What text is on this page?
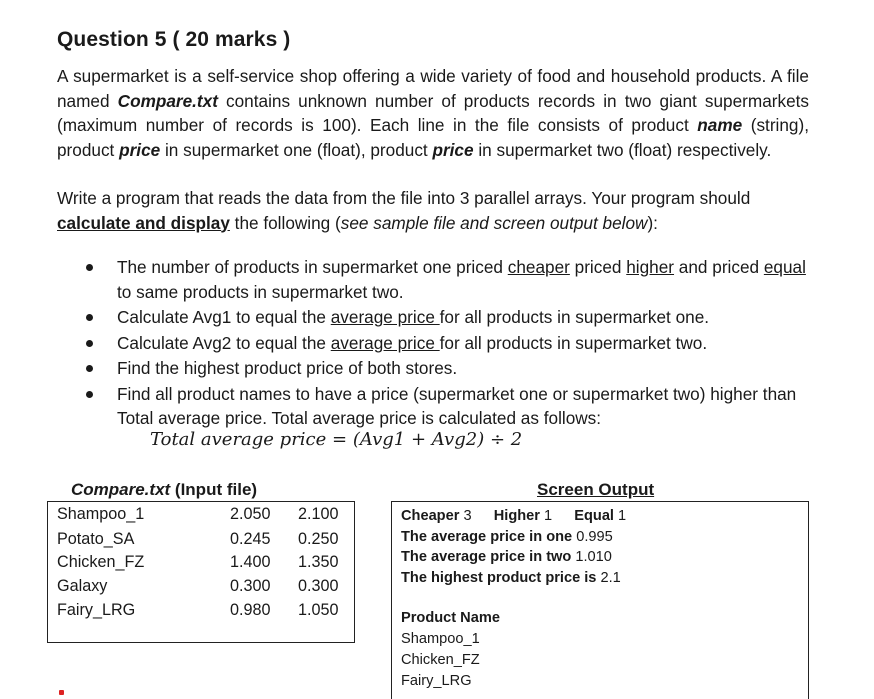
Question 5 ( 20 marks )

A supermarket is a self-service shop offering a wide variety of food and household products. A file named Compare.txt contains unknown number of products records in two giant supermarkets (maximum number of records is 100). Each line in the file consists of product name (string), product price in supermarket one (float), product price in supermarket two (float) respectively.

Write a program that reads the data from the file into 3 parallel arrays. Your program should calculate and display the following (see sample file and screen output below):

The number of products in supermarket one priced cheaper priced higher and priced equal to same products in supermarket two.
Calculate Avg1 to equal the average price for all products in supermarket one.
Calculate Avg2 to equal the average price for all products in supermarket two.
Find the highest product price of both stores.
Find all product names to have a price (supermarket one or supermarket two) higher than Total average price. Total average price is calculated as follows:
Total average price = (Avg1 + Avg2) ÷ 2
Compare.txt (Input file)
Shampoo_1	2.050 2.100
Potato_SA	0.245 0.250
Chicken_FZ	1.400 1.350
Galaxy	0.300 0.300
Fairy_LRG	0.980 1.050
Screen Output
Cheaper 3 Higher 1 Equal 1
The average price in one 0.995
The average price in two 1.010
The highest product price is 2.1
Product Name
Shampoo_1
Chicken_FZ
Fairy_LRG
